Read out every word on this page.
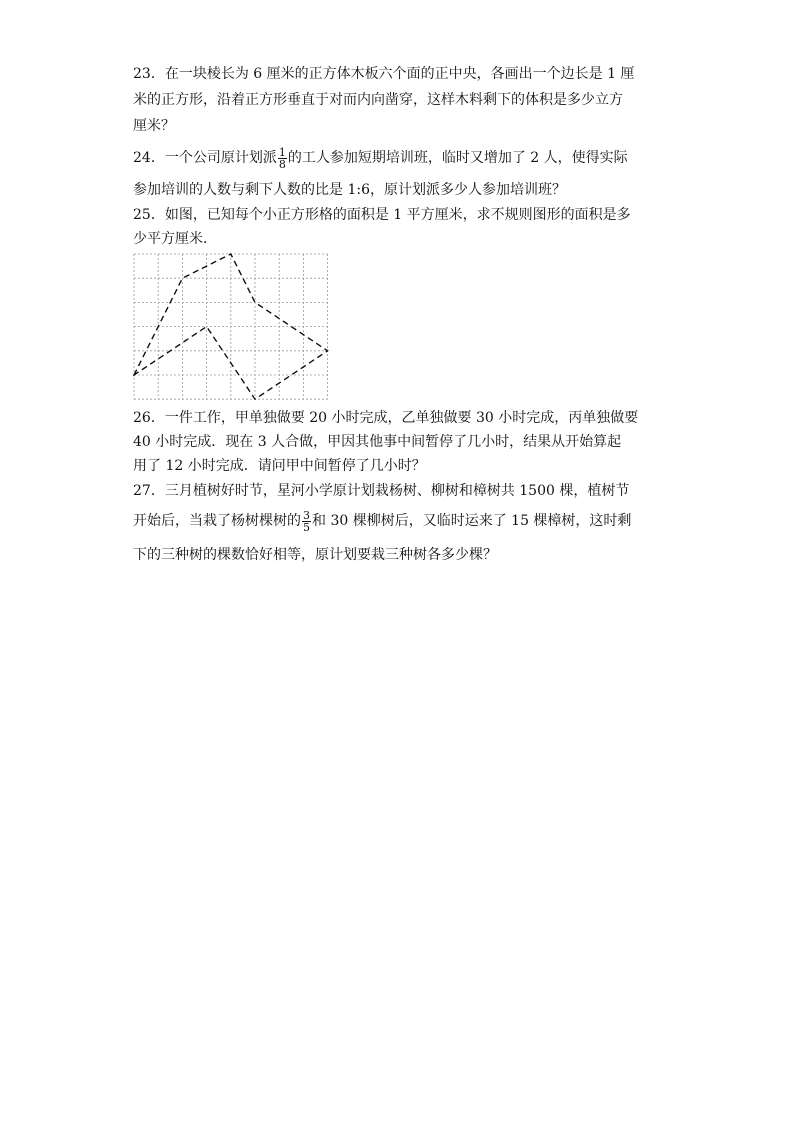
23．在一块棱长为 6 厘米的正方体木板六个面的正中央，各画出一个边长是 1 厘
米的正方形，沿着正方形垂直于对而内向凿穿，这样木料剩下的体积是多少立方
厘米？
24．一个公司原计划派 $\frac{1}{8}$ 的工人参加短期培训班，临时又增加了 2 人，使得实际
参加培训的人数与剩下人数的比是 1:6，原计划派多少人参加培训班？
25．如图，已知每个小正方形格的面积是 1 平方厘米，求不规则图形的面积是多
少平方厘米．
26．一件工作，甲单独做要 20 小时完成，乙单独做要 30 小时完成，丙单独做要
40 小时完成．现在 3 人合做，甲因其他事中间暂停了几小时，结果从开始算起
用了 12 小时完成．请问甲中间暂停了几小时？
27．三月植树好时节，星河小学原计划栽杨树、柳树和樟树共 1500 棵，植树节
开始后，当栽了杨树棵树的 $\frac{3}{5}$ 和 30 棵柳树后，又临时运来了 15 棵樟树，这时剩
下的三种树的棵数恰好相等，原计划要栽三种树各多少棵？
